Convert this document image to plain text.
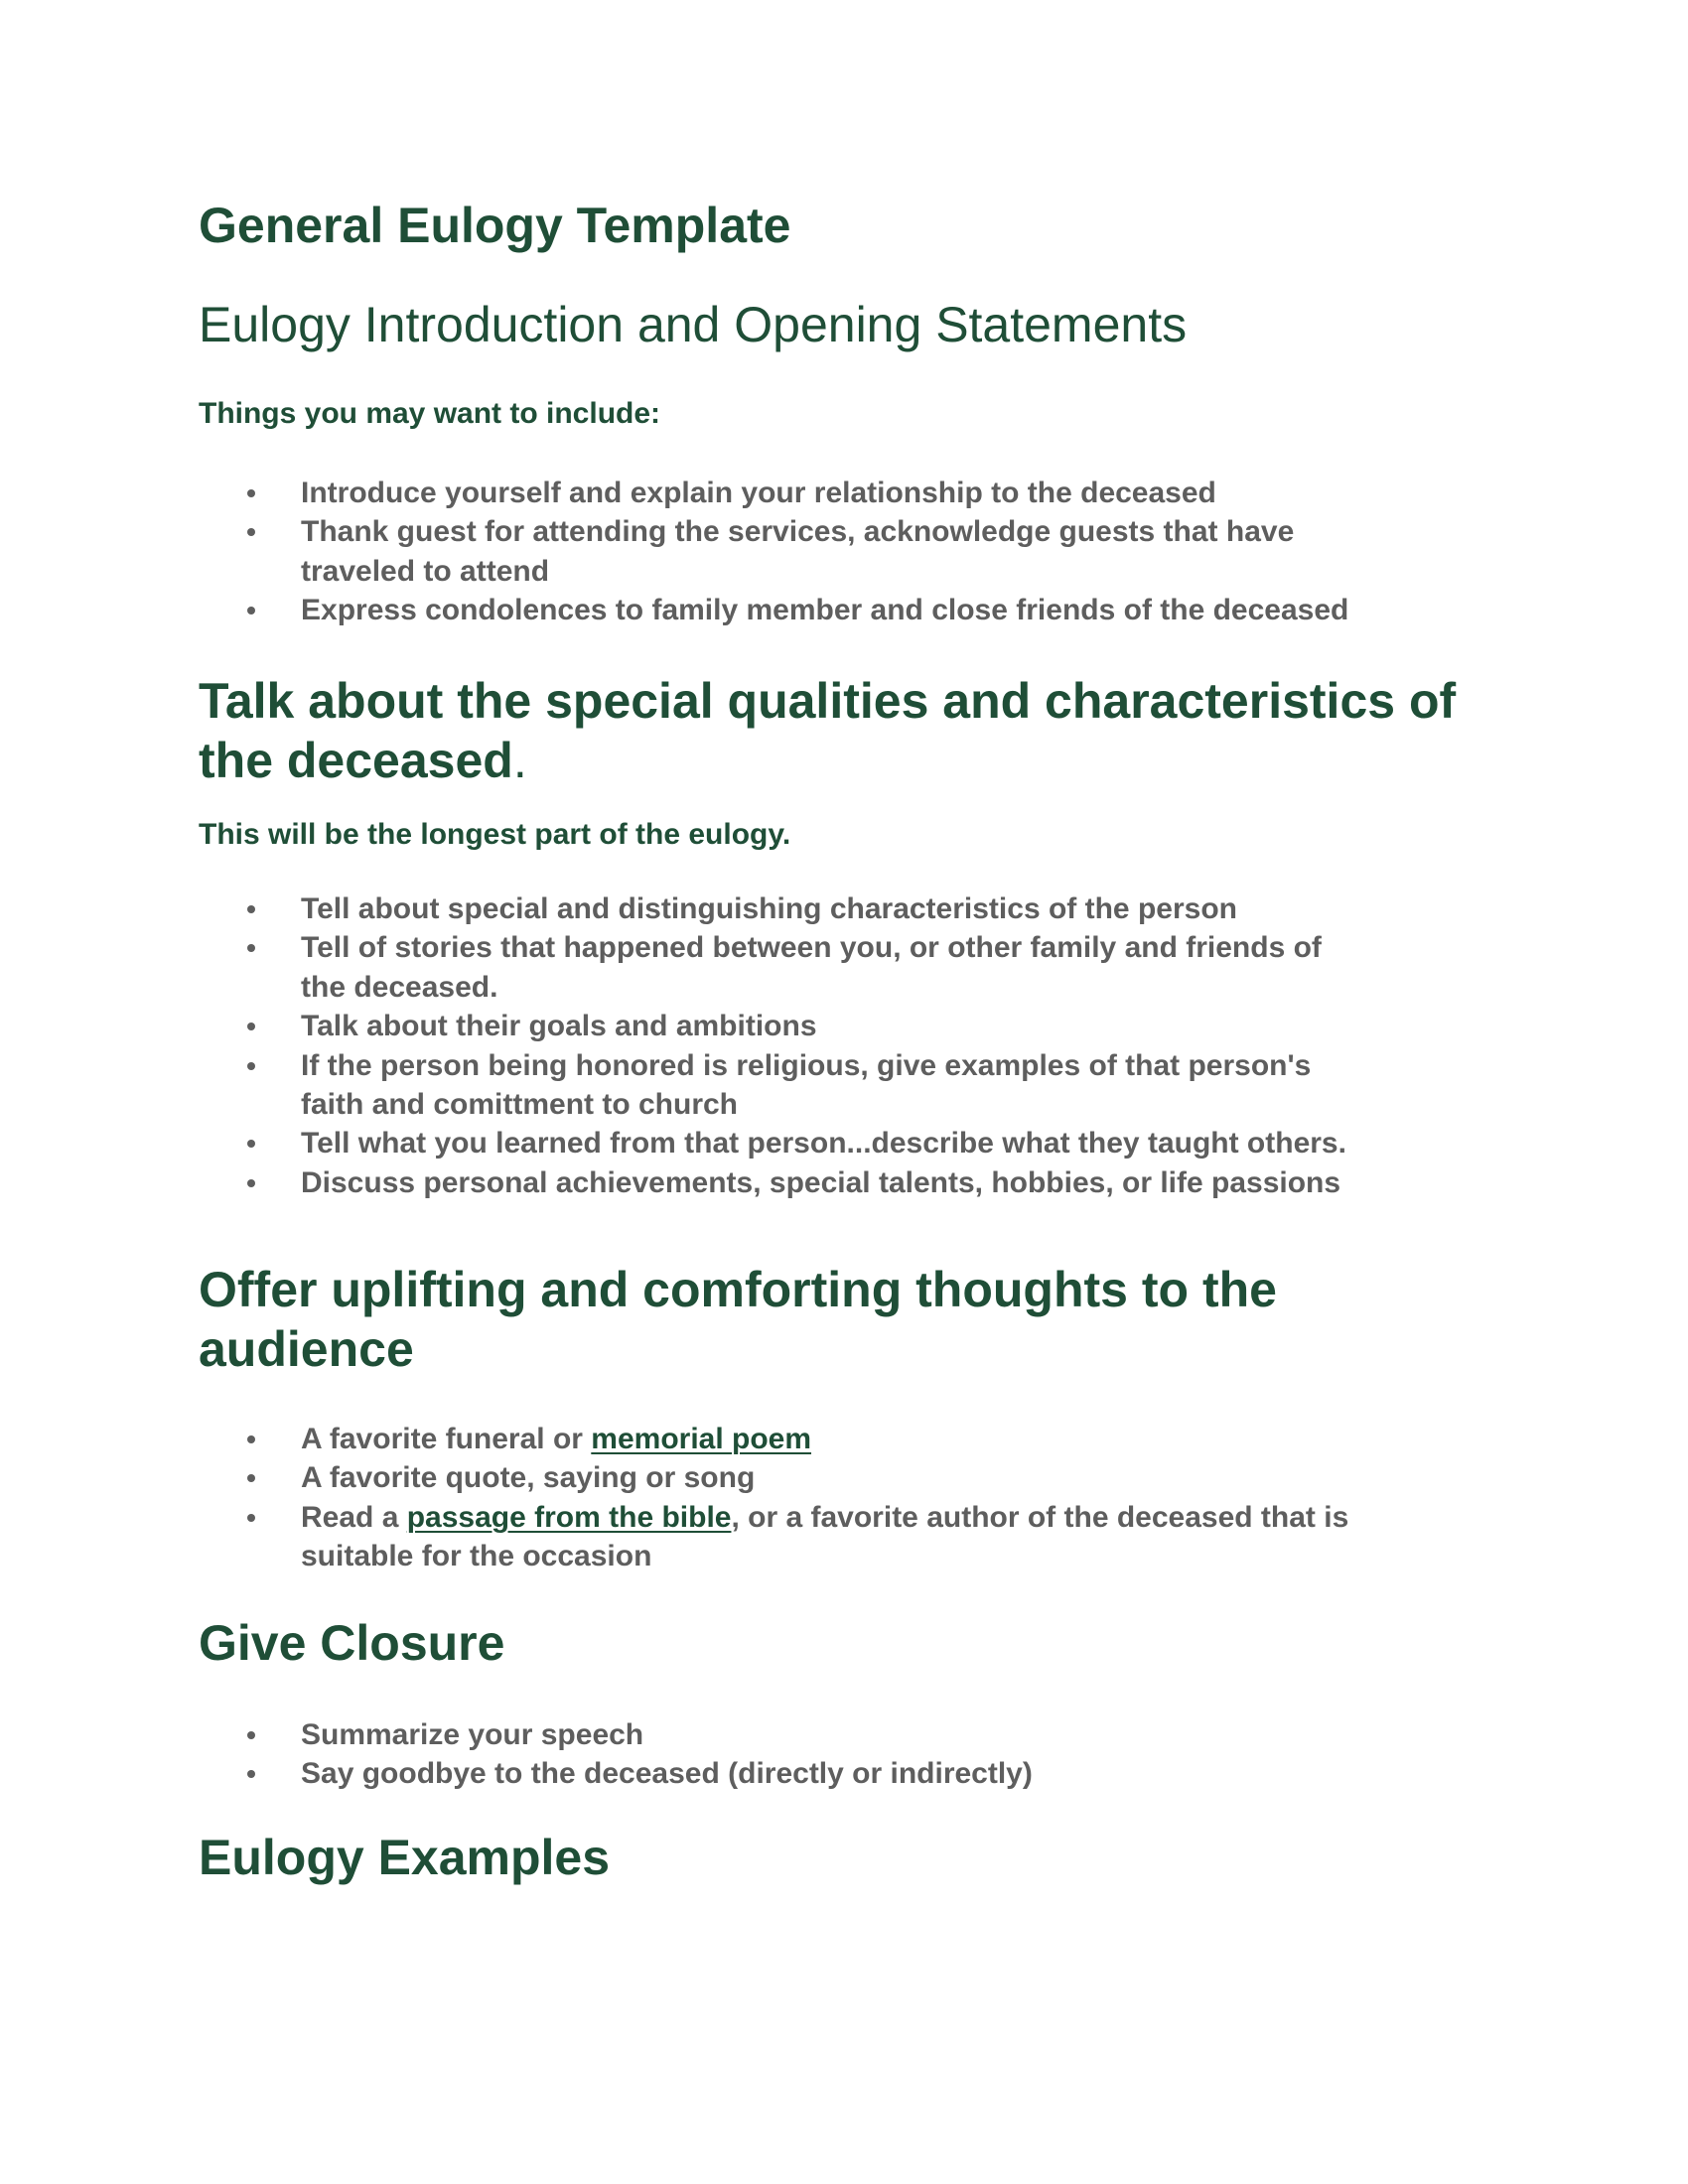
General Eulogy Template
Eulogy Introduction and Opening Statements

Things you may want to include:

Introduce yourself and explain your relationship to the deceased
Thank guest for attending the services, acknowledge guests that have
traveled to attend
Express condolences to family member and close friends of the deceased
Talk about the special qualities and characteristics of
the deceased.

This will be the longest part of the eulogy.

Tell about special and distinguishing characteristics of the person
Tell of stories that happened between you, or other family and friends of
the deceased.
Talk about their goals and ambitions
If the person being honored is religious, give examples of that person's
faith and comittment to church
Tell what you learned from that person...describe what they taught others.
Discuss personal achievements, special talents, hobbies, or life passions
Offer uplifting and comforting thoughts to the
audience
A favorite funeral or memorial poem
A favorite quote, saying or song
Read a passage from the bible, or a favorite author of the deceased that is
suitable for the occasion
Give Closure
Summarize your speech
Say goodbye to the deceased (directly or indirectly)
Eulogy Examples
